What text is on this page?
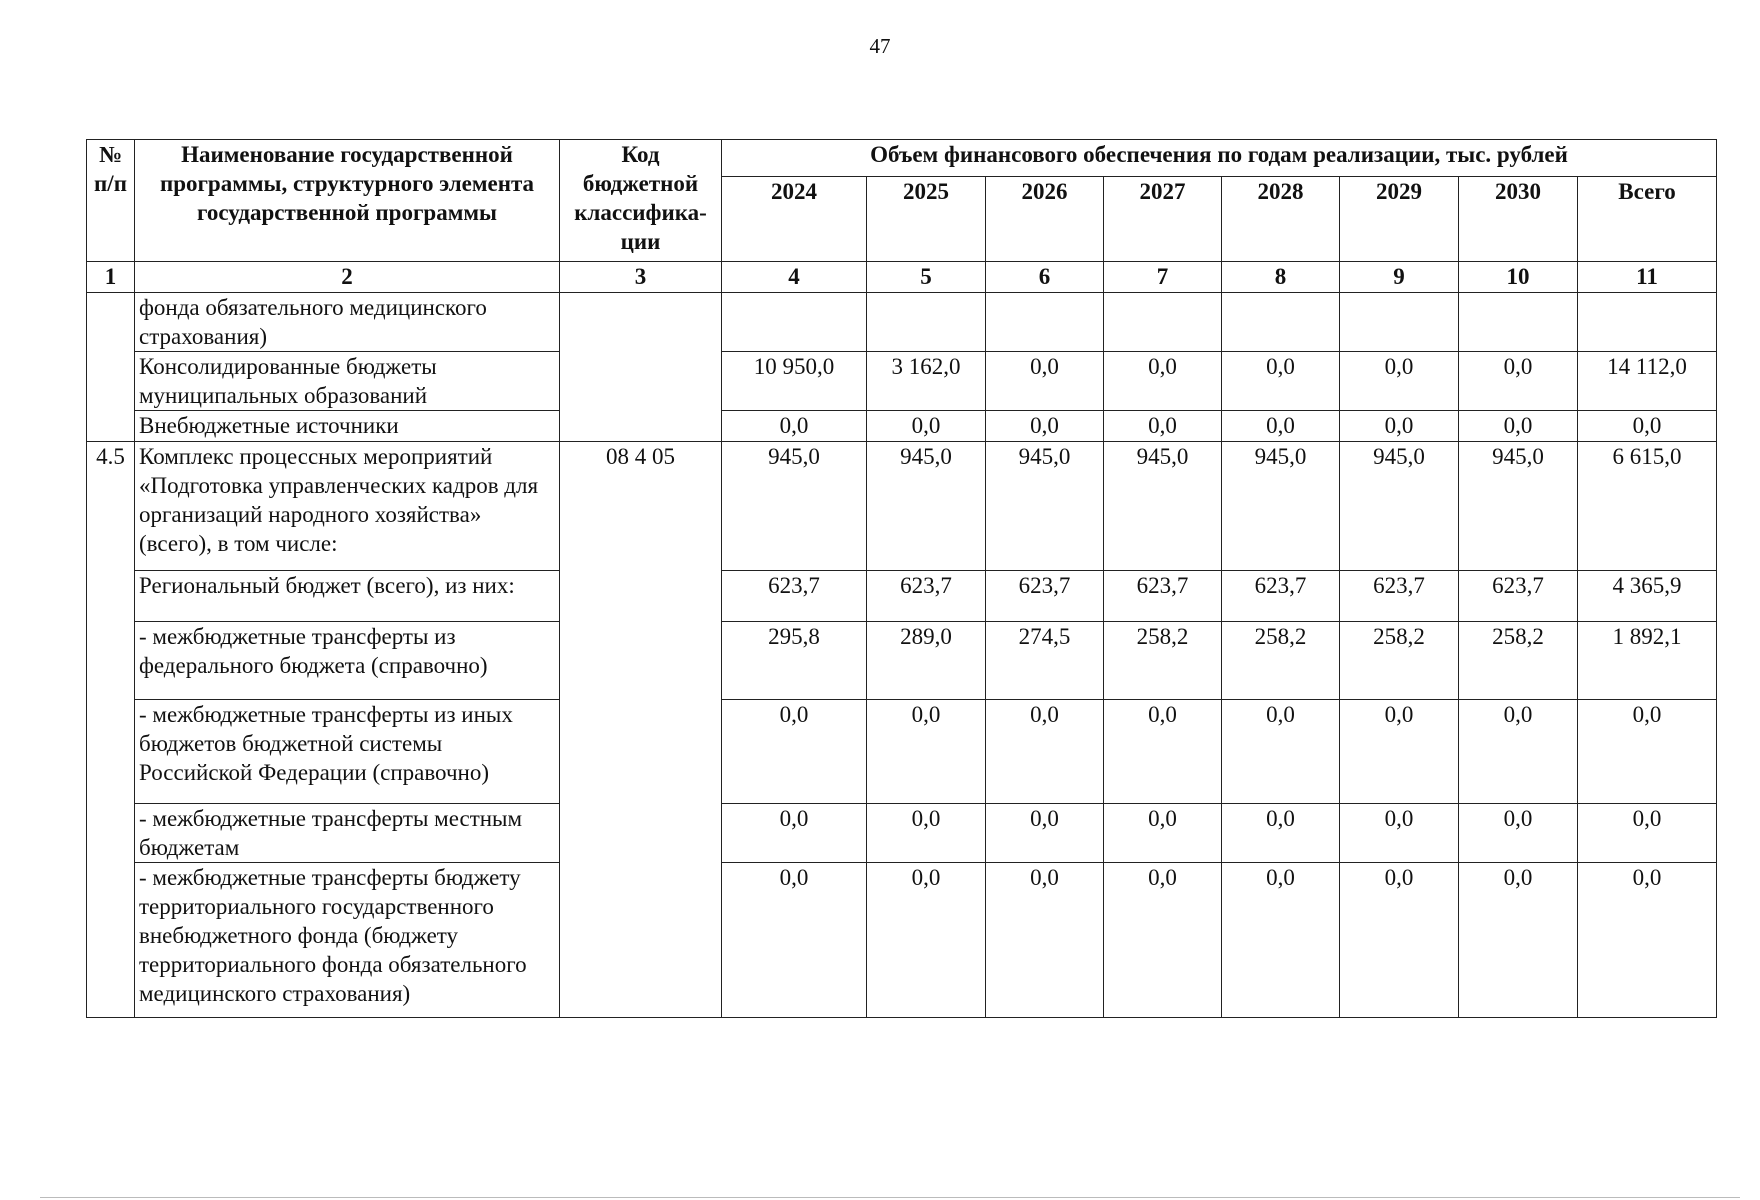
47
№ п/п	Наименование государственной программы, структурного элемента государственной программы	Код бюджетной классифика-ции	Объем финансового обеспечения по годам реализации, тыс. рублей							
			2024	2025	2026	2027	2028	2029	2030	Всего
1	2	3	4	5	6	7	8	9	10	11
	фонда обязательного медицинского страхования)									
	Консолидированные бюджеты муниципальных образований		10 950,0	3 162,0	0,0	0,0	0,0	0,0	0,0	14 112,0
	Внебюджетные источники		0,0	0,0	0,0	0,0	0,0	0,0	0,0	0,0
4.5	Комплекс процессных мероприятий «Подготовка управленческих кадров для организаций народного хозяйства» (всего), в том числе:	08 4 05	945,0	945,0	945,0	945,0	945,0	945,0	945,0	6 615,0
	Региональный бюджет (всего), из них:		623,7	623,7	623,7	623,7	623,7	623,7	623,7	4 365,9
	- межбюджетные трансферты из федерального бюджета (справочно)		295,8	289,0	274,5	258,2	258,2	258,2	258,2	1 892,1
	- межбюджетные трансферты из иных бюджетов бюджетной системы Российской Федерации (справочно)		0,0	0,0	0,0	0,0	0,0	0,0	0,0	0,0
	- межбюджетные трансферты местным бюджетам		0,0	0,0	0,0	0,0	0,0	0,0	0,0	0,0
	- межбюджетные трансферты бюджету территориального государственного внебюджетного фонда (бюджету территориального фонда обязательного медицинского страхования)		0,0	0,0	0,0	0,0	0,0	0,0	0,0	0,0
